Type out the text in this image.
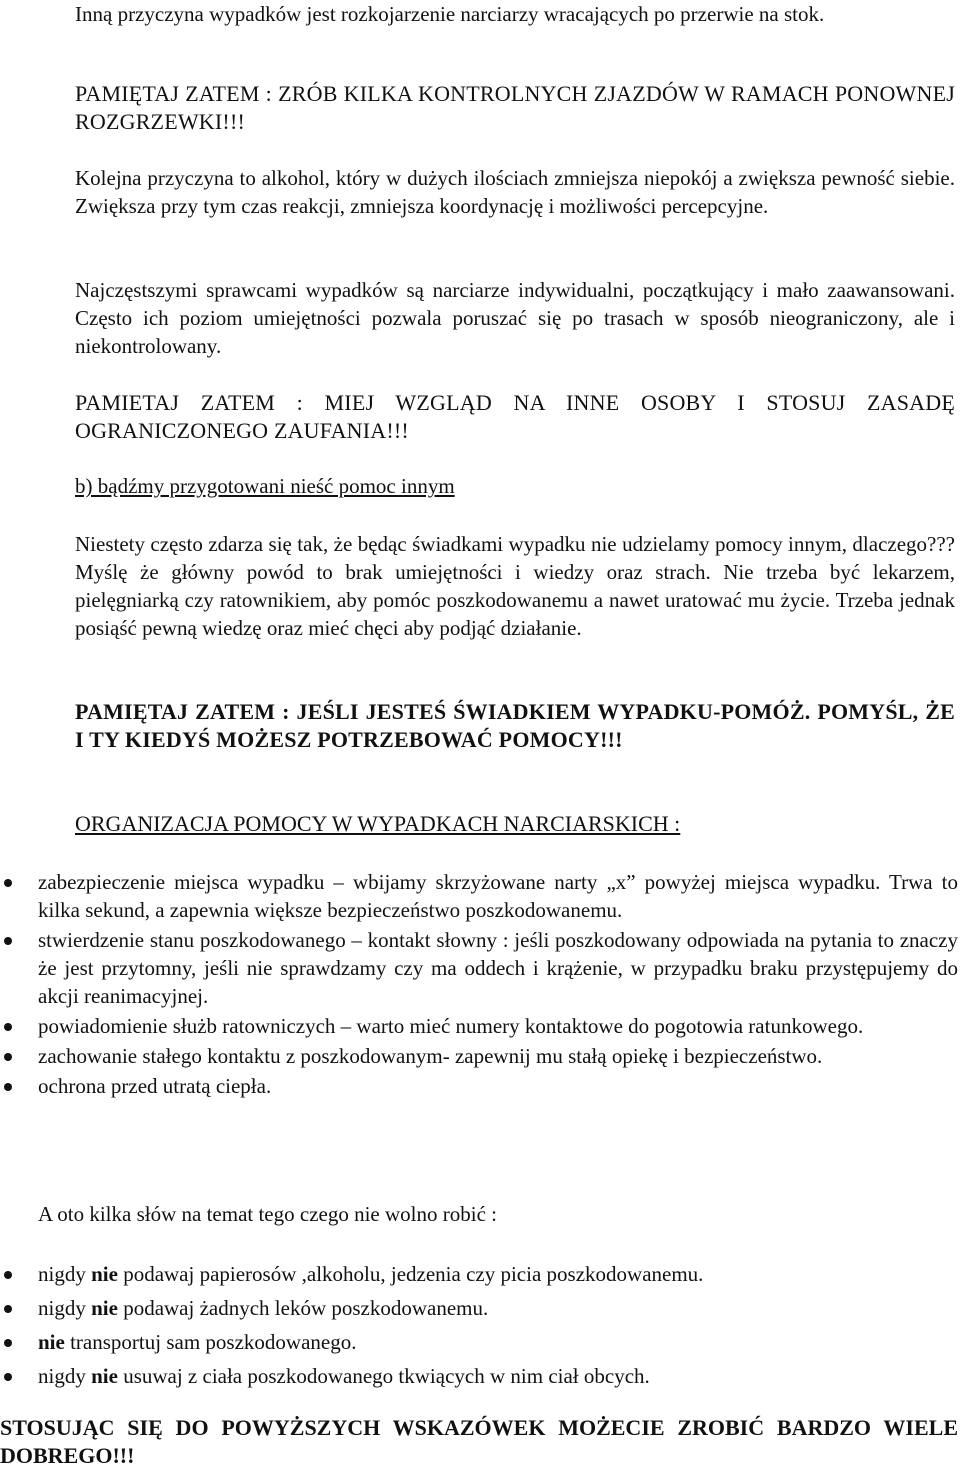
Inną przyczyna wypadków jest rozkojarzenie narciarzy wracających po przerwie na stok.

PAMIĘTAJ ZATEM : ZRÓB KILKA KONTROLNYCH ZJAZDÓW W RAMACH PONOWNEJ ROZGRZEWKI!!!

Kolejna przyczyna to alkohol, który w dużych ilościach zmniejsza niepokój a zwiększa pewność siebie. Zwiększa przy tym czas reakcji, zmniejsza koordynację i możliwości percepcyjne.

Najczęstszymi sprawcami wypadków są narciarze indywidualni, początkujący i mało zaawansowani. Często ich poziom umiejętności pozwala poruszać się po trasach w sposób nieograniczony, ale i niekontrolowany.

PAMIETAJ ZATEM : MIEJ WZGLĄD NA INNE OSOBY I STOSUJ ZASADĘ OGRANICZONEGO ZAUFANIA!!!

b) bądźmy przygotowani nieść pomoc innym

Niestety często zdarza się tak, że będąc świadkami wypadku nie udzielamy pomocy innym, dlaczego??? Myślę że główny powód to brak umiejętności i wiedzy oraz strach. Nie trzeba być lekarzem, pielęgniarką czy ratownikiem, aby pomóc poszkodowanemu a nawet uratować mu życie. Trzeba jednak posiąść pewną wiedzę oraz mieć chęci aby podjąć działanie.

PAMIĘTAJ ZATEM : JEŚLI JESTEŚ ŚWIADKIEM WYPADKU-POMÓŻ. POMYŚL, ŻE I TY KIEDYŚ MOŻESZ POTRZEBOWAĆ POMOCY!!!

ORGANIZACJA POMOCY W WYPADKACH NARCIARSKICH :

zabezpieczenie miejsca wypadku – wbijamy skrzyżowane narty „x” powyżej miejsca wypadku. Trwa to kilka sekund, a zapewnia większe bezpieczeństwo poszkodowanemu.
stwierdzenie stanu poszkodowanego – kontakt słowny : jeśli poszkodowany odpowiada na pytania to znaczy że jest przytomny, jeśli nie sprawdzamy czy ma oddech i krążenie, w przypadku braku przystępujemy do akcji reanimacyjnej.
powiadomienie służb ratowniczych – warto mieć numery kontaktowe do pogotowia ratunkowego.
zachowanie stałego kontaktu z poszkodowanym- zapewnij mu stałą opiekę i bezpieczeństwo.
ochrona przed utratą ciepła.

A oto kilka słów na temat tego czego nie wolno robić :

nigdy nie podawaj papierosów ,alkoholu, jedzenia czy picia poszkodowanemu.
nigdy nie podawaj żadnych leków poszkodowanemu.
nie transportuj sam poszkodowanego.
nigdy nie usuwaj z ciała poszkodowanego tkwiących w nim ciał obcych.

STOSUJĄC SIĘ DO POWYŻSZYCH WSKAZÓWEK MOŻECIE ZROBIĆ BARDZO WIELE DOBREGO!!!
